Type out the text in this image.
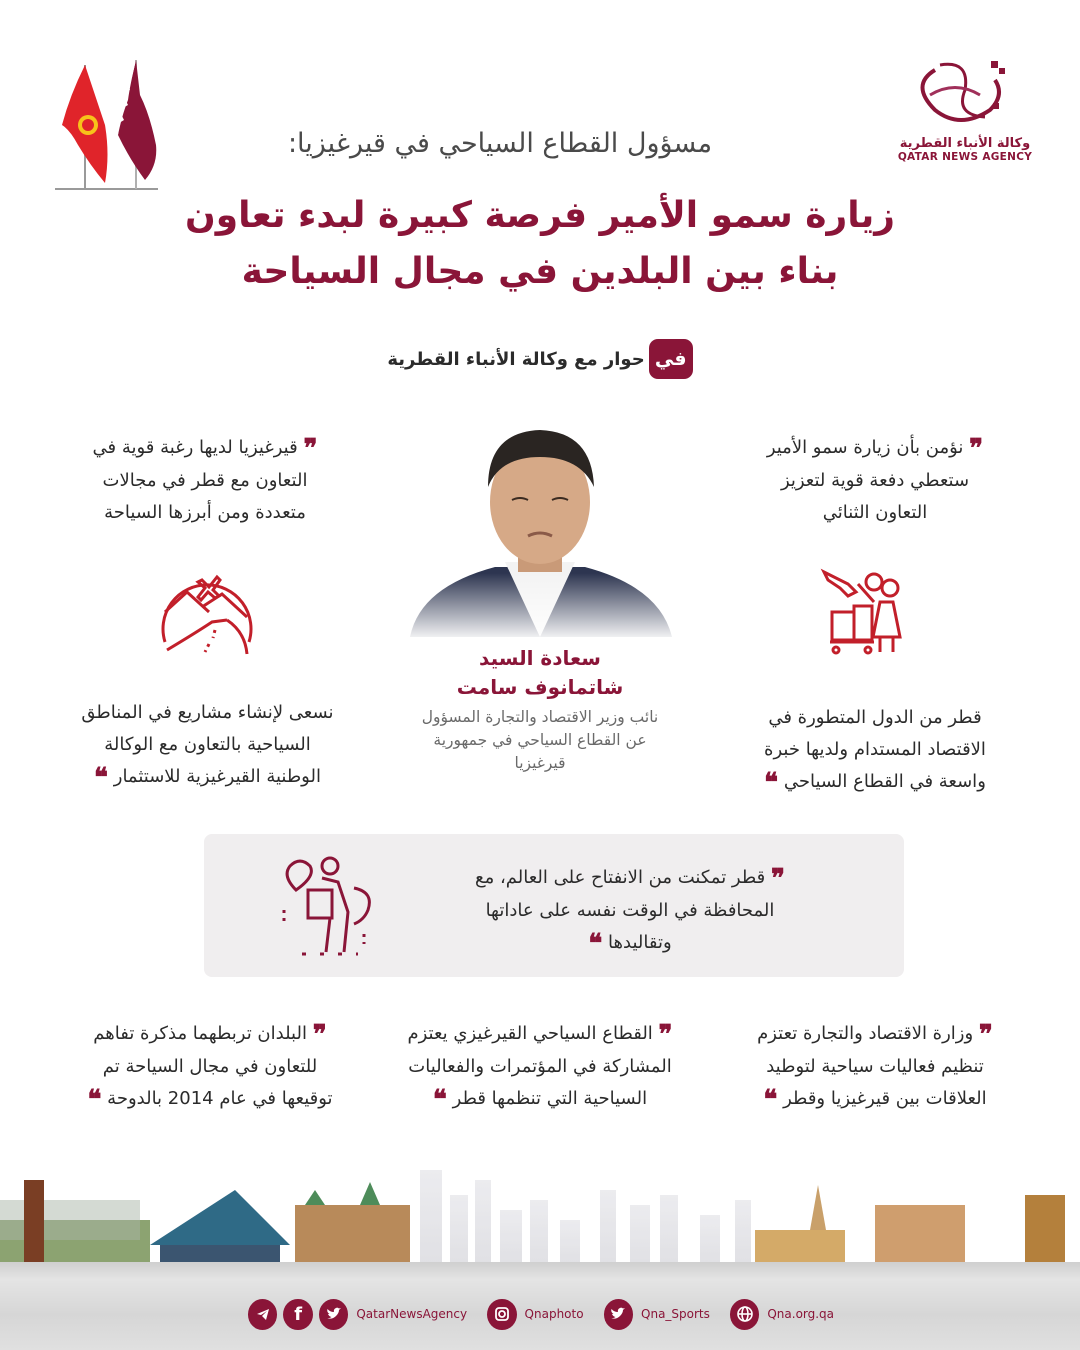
وكالة الأنباء القطرية
QATAR NEWS AGENCY
مسؤول القطاع السياحي في قيرغيزيا:
زيارة سمو الأمير فرصة كبيرة لبدء تعاون
بناء بين البلدين في مجال السياحة
في
حوار مع وكالة الأنباء القطرية
❞ نؤمن بأن زيارة سمو الأمير
ستعطي دفعة قوية لتعزيز
التعاون الثنائي
❞ قيرغيزيا لديها رغبة قوية في
التعاون مع قطر في مجالات
متعددة ومن أبرزها السياحة
سعادة السيد
شاتمانوف سامت
نائب وزير الاقتصاد والتجارة المسؤول
عن القطاع السياحي في جمهورية
قيرغيزيا
قطر من الدول المتطورة في
الاقتصاد المستدام ولديها خبرة
واسعة في القطاع السياحي ❝
نسعى لإنشاء مشاريع في المناطق
السياحية بالتعاون مع الوكالة
الوطنية القيرغيزية للاستثمار ❝
❞ قطر تمكنت من الانفتاح على العالم، مع
المحافظة في الوقت نفسه على عاداتها
وتقاليدها ❝
❞ وزارة الاقتصاد والتجارة تعتزم
تنظيم فعاليات سياحية لتوطيد
العلاقات بين قيرغيزيا وقطر ❝
❞ القطاع السياحي القيرغيزي يعتزم
المشاركة في المؤتمرات والفعاليات
السياحية التي تنظمها قطر ❝
❞ البلدان تربطهما مذكرة تفاهم
للتعاون في مجال السياحة تم
توقيعها في عام 2014 بالدوحة ❝
f	QatarNewsAgency	Qnaphoto	Qna_Sports	Qna.org.qa
